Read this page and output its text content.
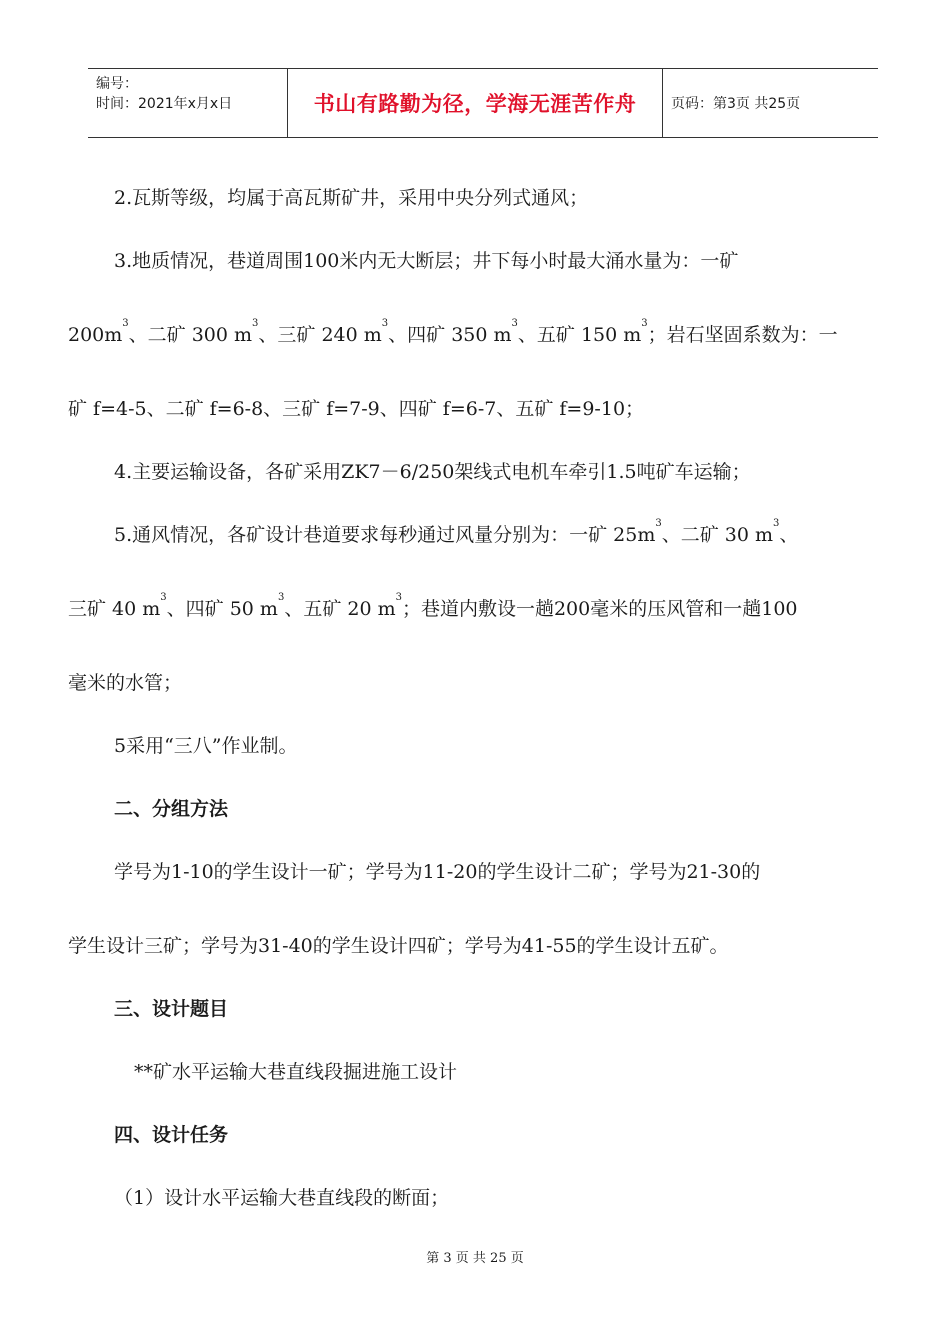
编号：
时间：2021年x月x日	书山有路勤为径，学海无涯苦作舟	页码：第3页 共25页
2.瓦斯等级，均属于高瓦斯矿井，采用中央分列式通风；
3.地质情况，巷道周围100米内无大断层；井下每小时最大涌水量为：一矿
$200m^3$、二矿 300 $m^3$、三矿 240 $m^3$、四矿 350 $m^3$、五矿 150 $m^3$；岩石坚固系数为：一
矿 f=4-5、二矿 f=6-8、三矿 f=7-9、四矿 f=6-7、五矿 f=9-10；
4.主要运输设备，各矿采用ZK7－6/250架线式电机车牵引1.5吨矿车运输；
5.通风情况，各矿设计巷道要求每秒通过风量分别为：一矿 $25m^3$、二矿 30 $m^3$、
三矿 40 $m^3$、四矿 50 $m^3$、五矿 20 $m^3$；巷道内敷设一趟200毫米的压风管和一趟100
毫米的水管；
5采用“三八”作业制。
二、分组方法
学号为1-10的学生设计一矿；学号为11-20的学生设计二矿；学号为21-30的
学生设计三矿；学号为31-40的学生设计四矿；学号为41-55的学生设计五矿。
三、设计题目
**矿水平运输大巷直线段掘进施工设计
四、设计任务
（1）设计水平运输大巷直线段的断面；
第 3 页 共 25 页
